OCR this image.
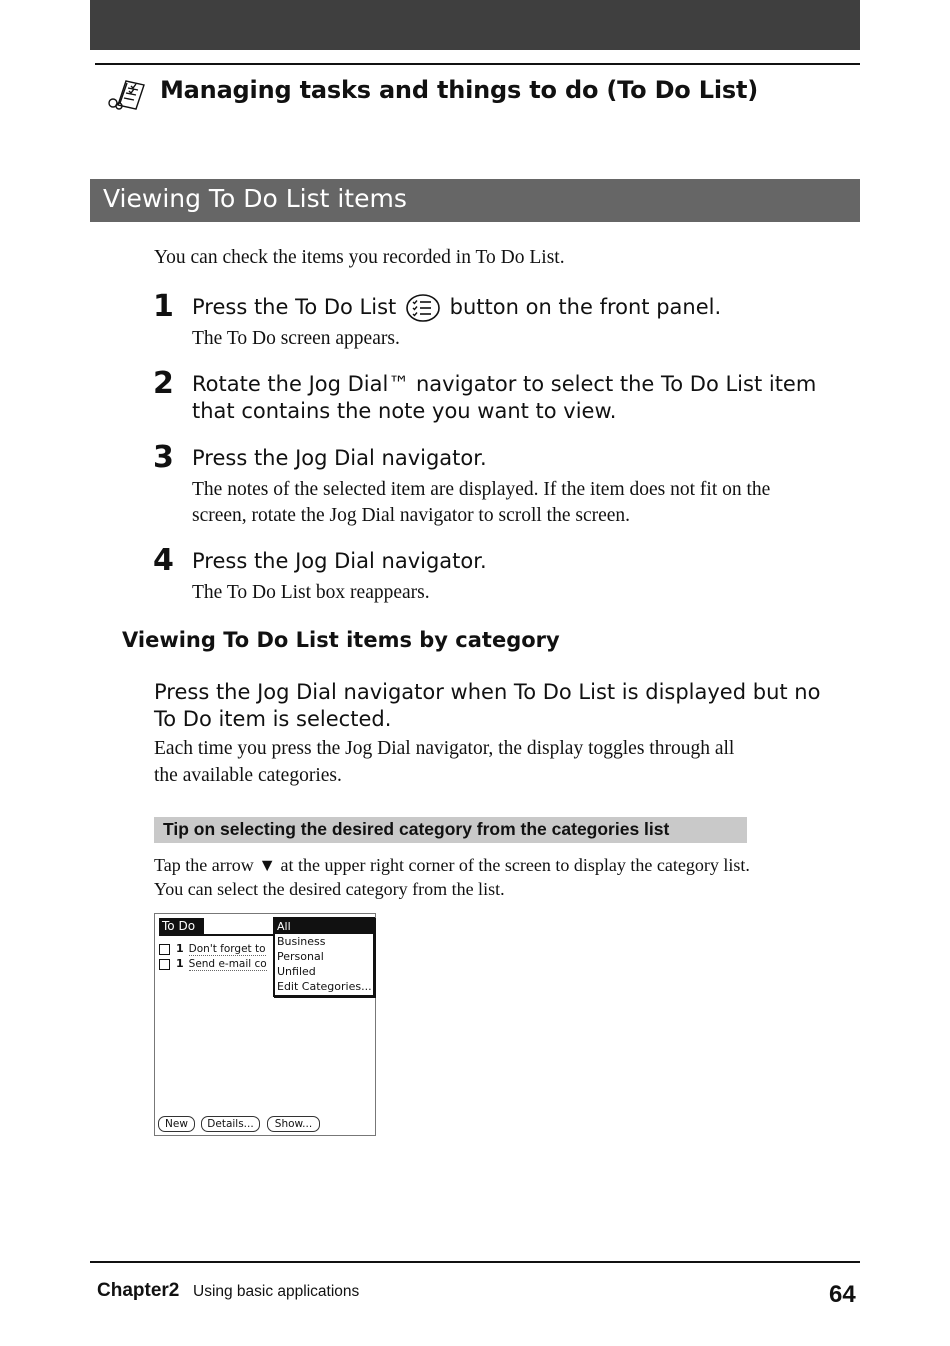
Managing tasks and things to do (To Do List)
Viewing To Do List items
You can check the items you recorded in To Do List.
1 Press the To Do List	button on the front panel.
The To Do screen appears.
2 Rotate the Jog Dial™ navigator to select the To Do List item
that contains the note you want to view.
3 Press the Jog Dial navigator.
The notes of the selected item are displayed. If the item does not fit on the
screen, rotate the Jog Dial navigator to scroll the screen.
4 Press the Jog Dial navigator.
The To Do List box reappears.
Viewing To Do List items by category
Press the Jog Dial navigator when To Do List is displayed but no
To Do item is selected.
Each time you press the Jog Dial navigator, the display toggles through all
the available categories.
Tip on selecting the desired category from the categories list
Tap the arrow ▼ at the upper right corner of the screen to display the category list.
You can select the desired category from the list.
To Do
1 Don't forget to
1 Send e-mail co
All
Business
Personal
Unfiled
Edit Categories...
New	Details...	Show...
Chapter2 Using basic applications	64
